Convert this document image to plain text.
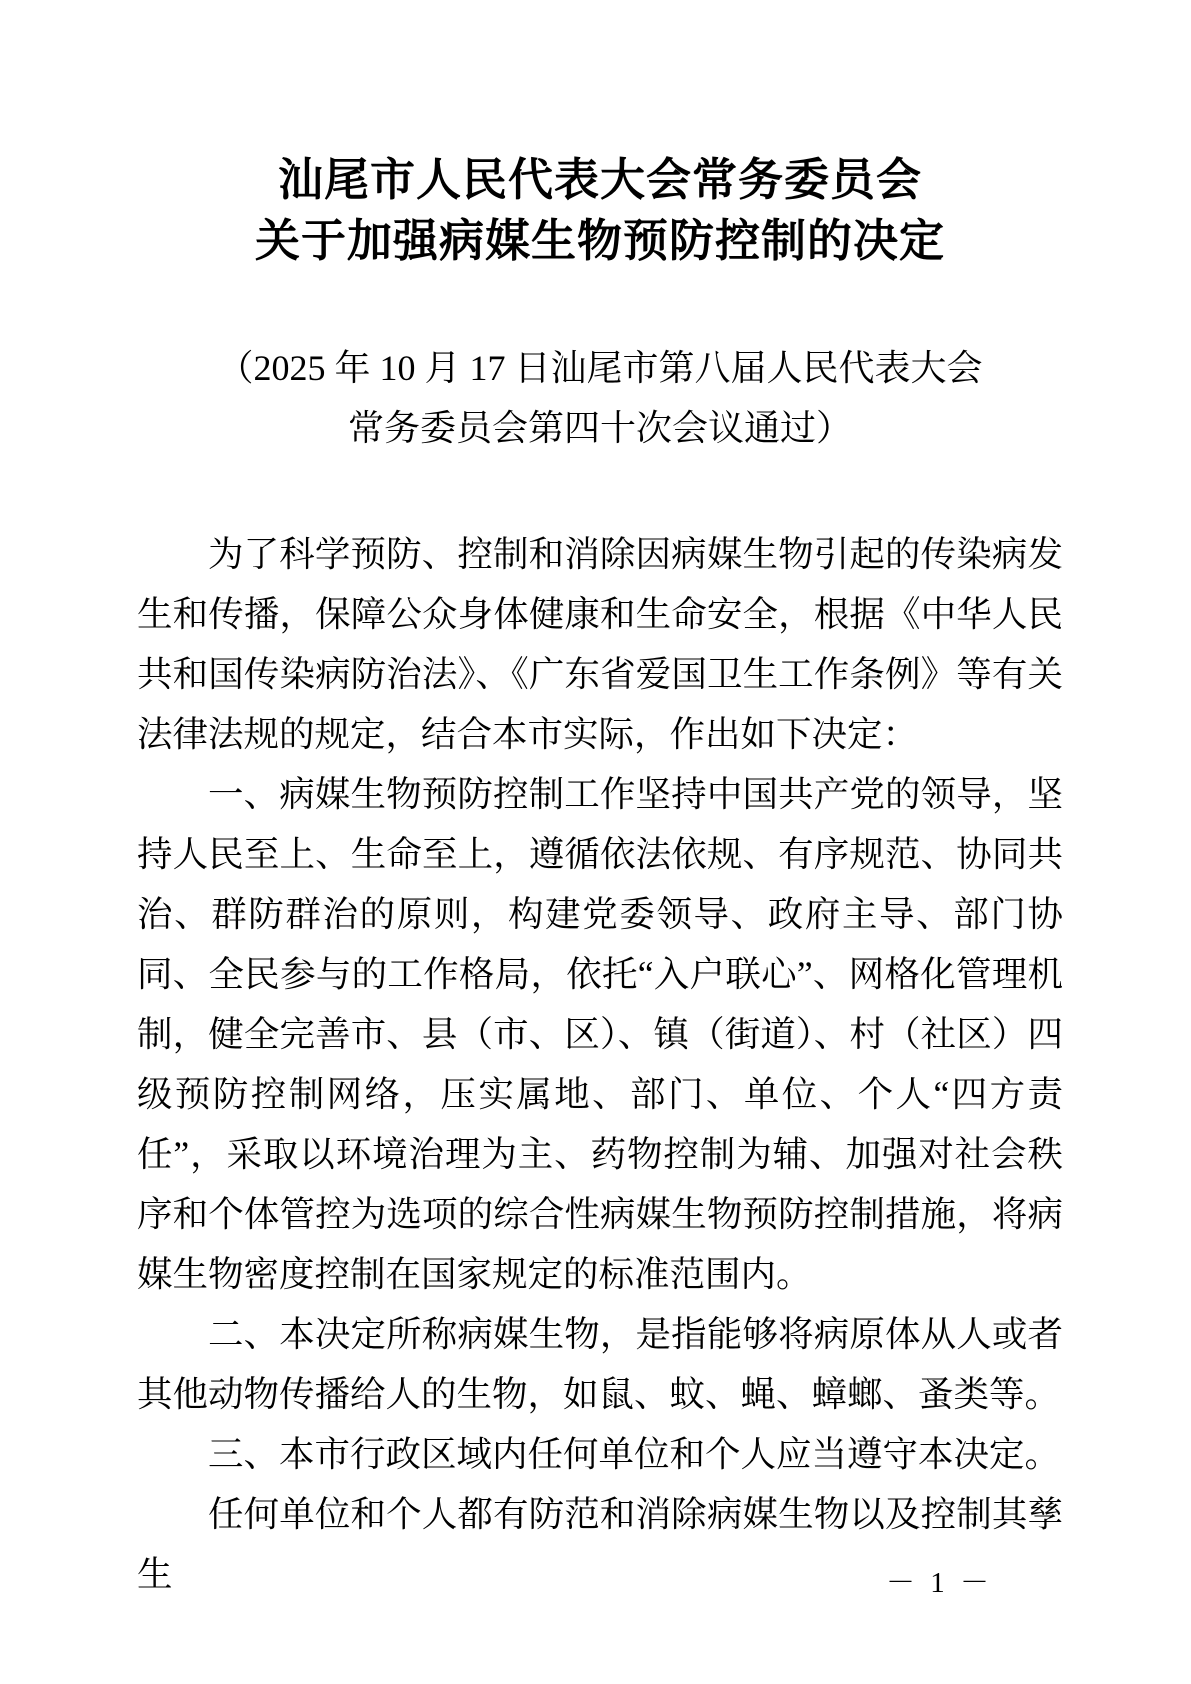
汕尾市人民代表大会常务委员会
关于加强病媒生物预防控制的决定
（2025 年 10 月 17 日汕尾市第八届人民代表大会
常务委员会第四十次会议通过）

为了科学预防、控制和消除因病媒生物引起的传染病发生和传播，保障公众身体健康和生命安全，根据《中华人民共和国传染病防治法》、《广东省爱国卫生工作条例》等有关法律法规的规定，结合本市实际，作出如下决定：

一、病媒生物预防控制工作坚持中国共产党的领导，坚持人民至上、生命至上，遵循依法依规、有序规范、协同共治、群防群治的原则，构建党委领导、政府主导、部门协同、全民参与的工作格局，依托“入户联心”、网格化管理机制，健全完善市、县（市、区）、镇（街道）、村（社区）四级预防控制网络，压实属地、部门、单位、个人“四方责任”，采取以环境治理为主、药物控制为辅、加强对社会秩序和个体管控为选项的综合性病媒生物预防控制措施，将病媒生物密度控制在国家规定的标准范围内。

二、本决定所称病媒生物，是指能够将病原体从人或者其他动物传播给人的生物，如鼠、蚊、蝇、蟑螂、蚤类等。

三、本市行政区域内任何单位和个人应当遵守本决定。

任何单位和个人都有防范和消除病媒生物以及控制其孳生	－ 1 －
